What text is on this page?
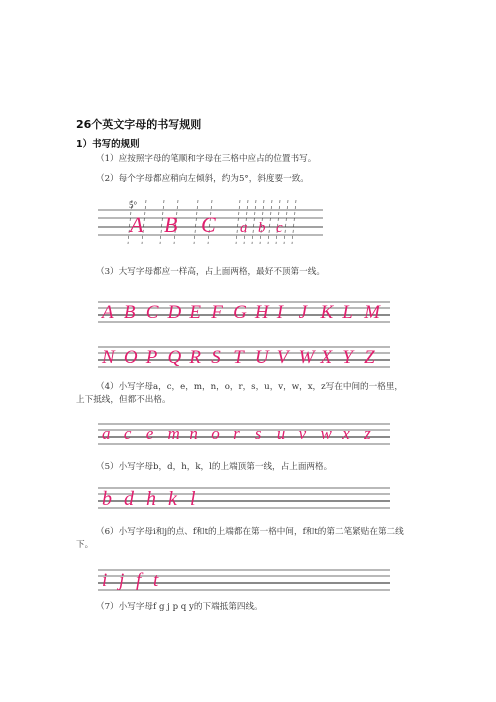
26个英文字母的书写规则
1）书写的规则
（1）应按照字母的笔顺和字母在三格中应占的位置书写。
（2）每个字母都应稍向左倾斜，约为5°，斜度要一致。
5°
A B C a b c
（3）大写字母都应一样高，占上面两格，最好不顶第一线。
A B C D E F G H I J K L M
N O P Q R S T U V W X Y Z
（4）小写字母a，c，e，m，n，o，r，s，u，v，w，x，z写在中间的一格里，上下抵线，但都不出格。
a c e m n o r s u v w x z
（5）小写字母b，d，h，k，l的上端顶第一线，占上面两格。
b d h k l
（6）小写字母i和j的点、f和t的上端都在第一格中间，f和t的第二笔紧贴在第二线下。
i j f t
（7）小写字母f g j p q y的下端抵第四线。
